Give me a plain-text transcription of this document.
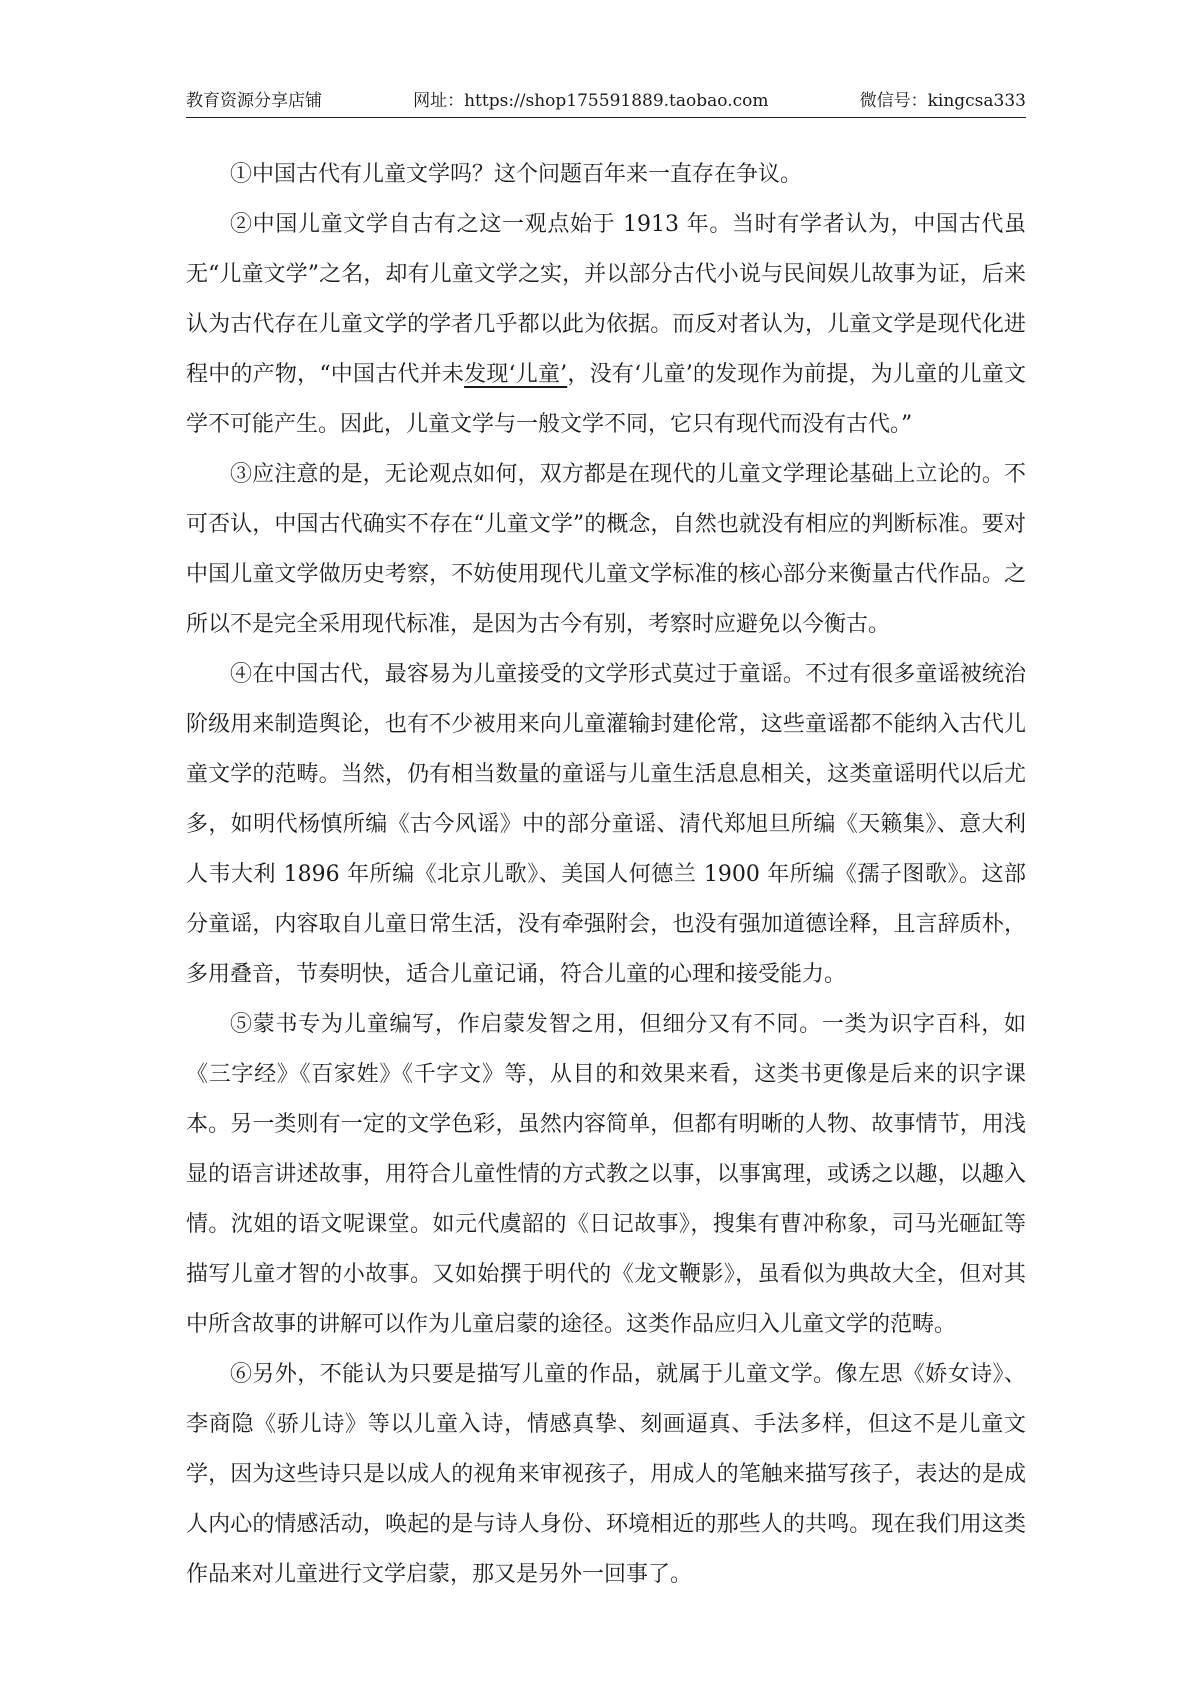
教育资源分享店铺	网址：https://shop175591889.taobao.com	微信号：kingcsa333

①中国古代有儿童文学吗？这个问题百年来一直存在争议。

②中国儿童文学自古有之这一观点始于 1913 年。当时有学者认为，中国古代虽无“儿童文学”之名，却有儿童文学之实，并以部分古代小说与民间娱儿故事为证，后来认为古代存在儿童文学的学者几乎都以此为依据。而反对者认为，儿童文学是现代化进程中的产物，“中国古代并未发现‘儿童’，没有‘儿童’的发现作为前提，为儿童的儿童文学不可能产生。因此，儿童文学与一般文学不同，它只有现代而没有古代。”

③应注意的是，无论观点如何，双方都是在现代的儿童文学理论基础上立论的。不可否认，中国古代确实不存在“儿童文学”的概念，自然也就没有相应的判断标准。要对中国儿童文学做历史考察，不妨使用现代儿童文学标准的核心部分来衡量古代作品。之所以不是完全采用现代标准，是因为古今有别，考察时应避免以今衡古。

④在中国古代，最容易为儿童接受的文学形式莫过于童谣。不过有很多童谣被统治阶级用来制造舆论，也有不少被用来向儿童灌输封建伦常，这些童谣都不能纳入古代儿童文学的范畴。当然，仍有相当数量的童谣与儿童生活息息相关，这类童谣明代以后尤多，如明代杨慎所编《古今风谣》中的部分童谣、清代郑旭旦所编《天籁集》、意大利人韦大利 1896 年所编《北京儿歌》、美国人何德兰 1900 年所编《孺子图歌》。这部分童谣，内容取自儿童日常生活，没有牵强附会，也没有强加道德诠释，且言辞质朴，多用叠音，节奏明快，适合儿童记诵，符合儿童的心理和接受能力。

⑤蒙书专为儿童编写，作启蒙发智之用，但细分又有不同。一类为识字百科，如《三字经》《百家姓》《千字文》等，从目的和效果来看，这类书更像是后来的识字课本。另一类则有一定的文学色彩，虽然内容简单，但都有明晰的人物、故事情节，用浅显的语言讲述故事，用符合儿童性情的方式教之以事，以事寓理，或诱之以趣，以趣入情。沈姐的语文呢课堂。如元代虞韶的《日记故事》，搜集有曹冲称象，司马光砸缸等描写儿童才智的小故事。又如始撰于明代的《龙文鞭影》，虽看似为典故大全，但对其中所含故事的讲解可以作为儿童启蒙的途径。这类作品应归入儿童文学的范畴。

⑥另外，不能认为只要是描写儿童的作品，就属于儿童文学。像左思《娇女诗》、李商隐《骄儿诗》等以儿童入诗，情感真挚、刻画逼真、手法多样，但这不是儿童文学，因为这些诗只是以成人的视角来审视孩子，用成人的笔触来描写孩子，表达的是成人内心的情感活动，唤起的是与诗人身份、环境相近的那些人的共鸣。现在我们用这类作品来对儿童进行文学启蒙，那又是另外一回事了。
